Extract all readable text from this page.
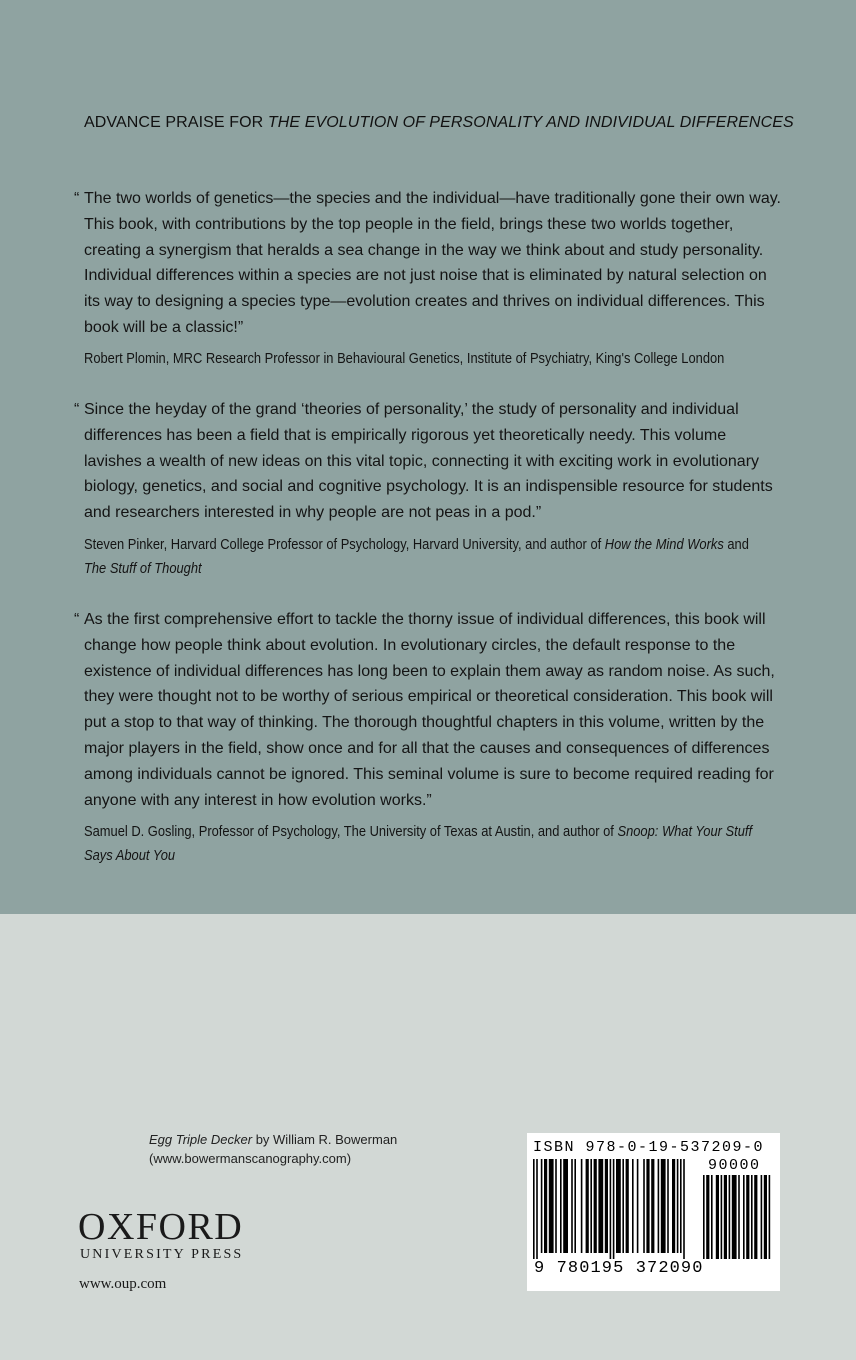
ADVANCE PRAISE FOR THE EVOLUTION OF PERSONALITY AND INDIVIDUAL DIFFERENCES
“ The two worlds of genetics—the species and the individual—have traditionally gone their own way. This book, with contributions by the top people in the field, brings these two worlds together, creating a synergism that heralds a sea change in the way we think about and study personality. Individual differences within a species are not just noise that is eliminated by natural selection on its way to designing a species type—evolution creates and thrives on individual differences. This book will be a classic!”
Robert Plomin, MRC Research Professor in Behavioural Genetics, Institute of Psychiatry, King's College London
“ Since the heyday of the grand ‘theories of personality,’ the study of personality and individual differences has been a field that is empirically rigorous yet theoretically needy. This volume lavishes a wealth of new ideas on this vital topic, connecting it with exciting work in evolutionary biology, genetics, and social and cognitive psychology. It is an indispensible resource for students and researchers interested in why people are not peas in a pod.”
Steven Pinker, Harvard College Professor of Psychology, Harvard University, and author of How the Mind Works and The Stuff of Thought
“ As the first comprehensive effort to tackle the thorny issue of individual differences, this book will change how people think about evolution. In evolutionary circles, the default response to the existence of individual differences has long been to explain them away as random noise. As such, they were thought not to be worthy of serious empirical or theoretical consideration. This book will put a stop to that way of thinking. The thorough thoughtful chapters in this volume, written by the major players in the field, show once and for all that the causes and consequences of differences among individuals cannot be ignored. This seminal volume is sure to become required reading for anyone with any interest in how evolution works.”
Samuel D. Gosling, Professor of Psychology, The University of Texas at Austin, and author of Snoop: What Your Stuff Says About You
Egg Triple Decker by William R. Bowerman
(www.bowermanscanography.com)
OXFORD
UNIVERSITY PRESS
www.oup.com
ISBN 978-0-19-537209-0
90000
9 780195 372090
